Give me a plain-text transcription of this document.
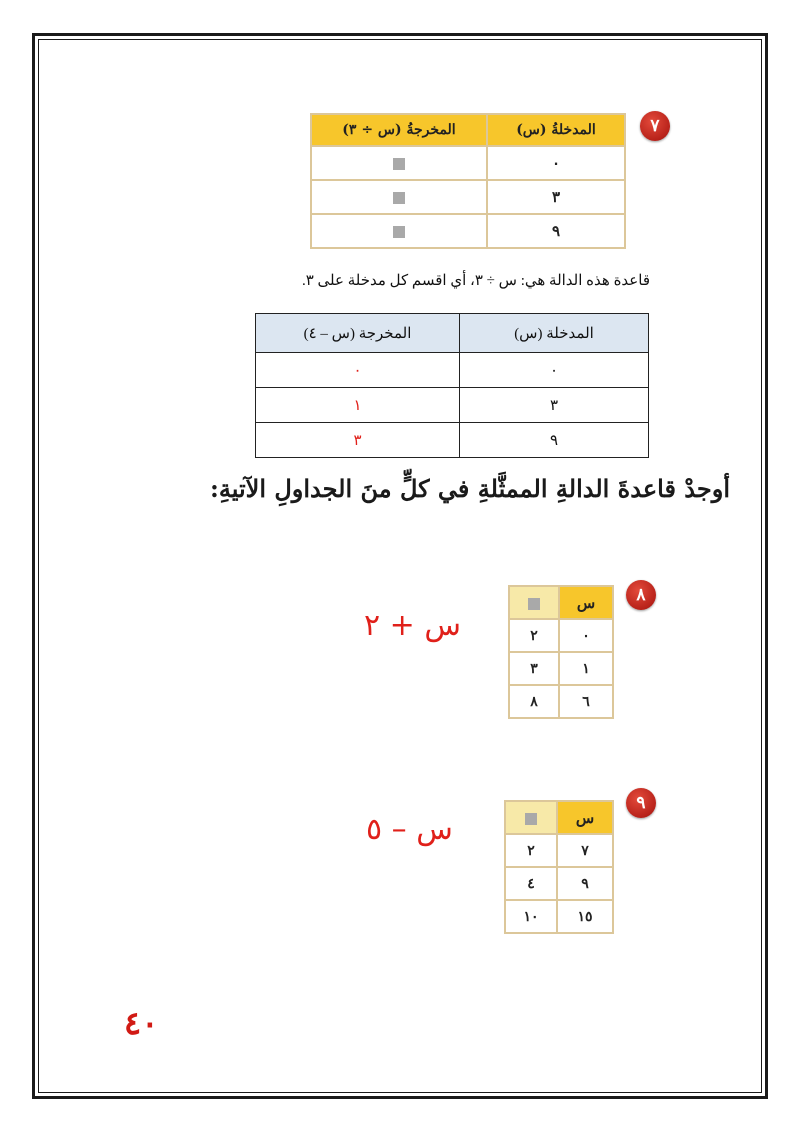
٧
المدخلةُ (س)	المخرجةُ (س ÷ ٣)
٠	
٣	
٩	
قاعدة هذه الدالة هي: س ÷ ٣، أي اقسم كل مدخلة على ٣.
المدخلة (س)	المخرجة (س – ٤)
٠	٠
٣	١
٩	٣
أوجدْ قاعدةَ الدالةِ الممثَّلةِ في كلٍّ منَ الجداولِ الآتيةِ:
٨
س	
٠	٢
١	٣
٦	٨
س + ٢
٩
س	
٧	٢
٩	٤
١٥	١٠
س – ٥
٤٠
